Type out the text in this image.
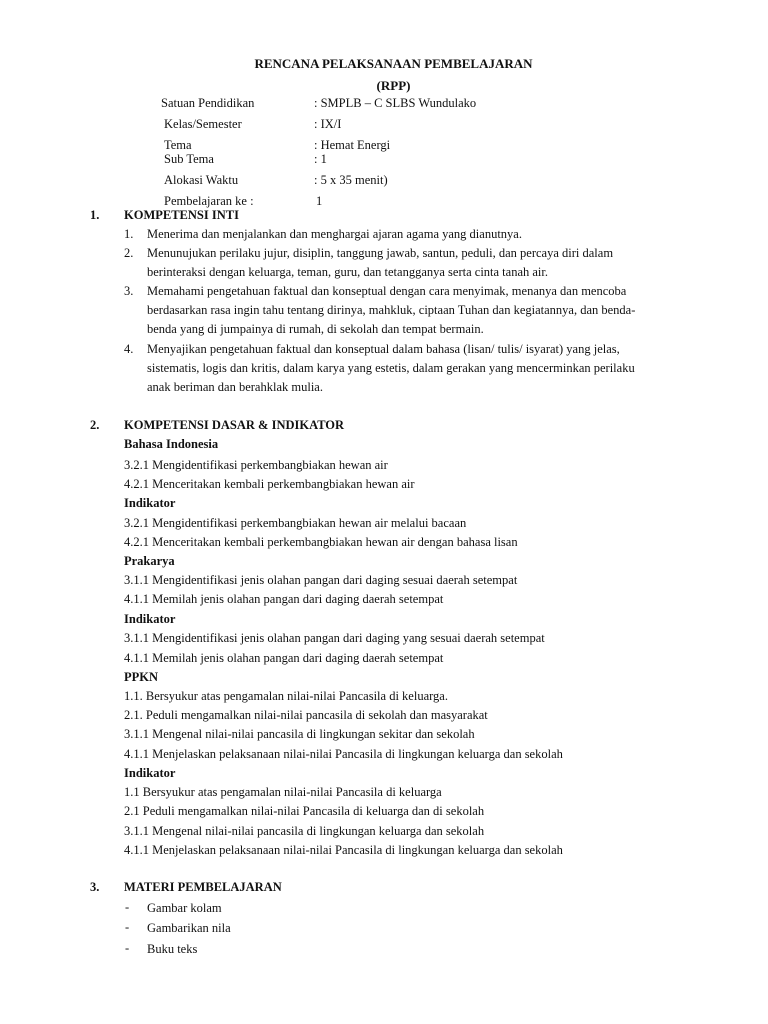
RENCANA PELAKSANAAN PEMBELAJARAN
(RPP)
Satuan Pendidikan	: SMPLB – C SLBS Wundulako
Kelas/Semester	: IX/I
Tema	: Hemat Energi
Sub Tema	: 1
Alokasi Waktu	: 5 x 35 menit)
Pembelajaran ke :	1
1. KOMPETENSI INTI
1. Menerima dan menjalankan dan menghargai ajaran agama yang dianutnya.
2. Menunujukan perilaku jujur, disiplin, tanggung jawab, santun, peduli, dan percaya diri dalam
berinteraksi dengan keluarga, teman, guru, dan tetangganya serta cinta tanah air.
3. Memahami pengetahuan faktual dan konseptual dengan cara menyimak, menanya dan mencoba
berdasarkan rasa ingin tahu tentang dirinya, mahkluk, ciptaan Tuhan dan kegiatannya, dan benda-
benda yang di jumpainya di rumah, di sekolah dan tempat bermain.
4. Menyajikan pengetahuan faktual dan konseptual dalam bahasa (lisan/ tulis/ isyarat) yang jelas,
sistematis, logis dan kritis, dalam karya yang estetis, dalam gerakan yang mencerminkan perilaku
anak beriman dan berahklak mulia.
2. KOMPETENSI DASAR & INDIKATOR
Bahasa Indonesia
3.2.1 Mengidentifikasi perkembangbiakan hewan air
4.2.1 Menceritakan kembali perkembangbiakan hewan air
Indikator
3.2.1 Mengidentifikasi perkembangbiakan hewan air melalui bacaan
4.2.1 Menceritakan kembali perkembangbiakan hewan air dengan bahasa lisan
Prakarya
3.1.1 Mengidentifikasi jenis olahan pangan dari daging sesuai daerah setempat
4.1.1 Memilah jenis olahan pangan dari daging daerah setempat
Indikator
3.1.1 Mengidentifikasi jenis olahan pangan dari daging yang sesuai daerah setempat
4.1.1 Memilah jenis olahan pangan dari daging daerah setempat
PPKN
1.1. Bersyukur atas pengamalan nilai-nilai Pancasila di keluarga.
2.1. Peduli mengamalkan nilai-nilai pancasila di sekolah dan masyarakat
3.1.1 Mengenal nilai-nilai pancasila di lingkungan sekitar dan sekolah
4.1.1 Menjelaskan pelaksanaan nilai-nilai Pancasila di lingkungan keluarga dan sekolah
Indikator
1.1 Bersyukur atas pengamalan nilai-nilai Pancasila di keluarga
2.1 Peduli mengamalkan nilai-nilai Pancasila di keluarga dan di sekolah
3.1.1 Mengenal nilai-nilai pancasila di lingkungan keluarga dan sekolah
4.1.1 Menjelaskan pelaksanaan nilai-nilai Pancasila di lingkungan keluarga dan sekolah
3. MATERI PEMBELAJARAN
- Gambar kolam
- Gambarikan nila
- Buku teks
